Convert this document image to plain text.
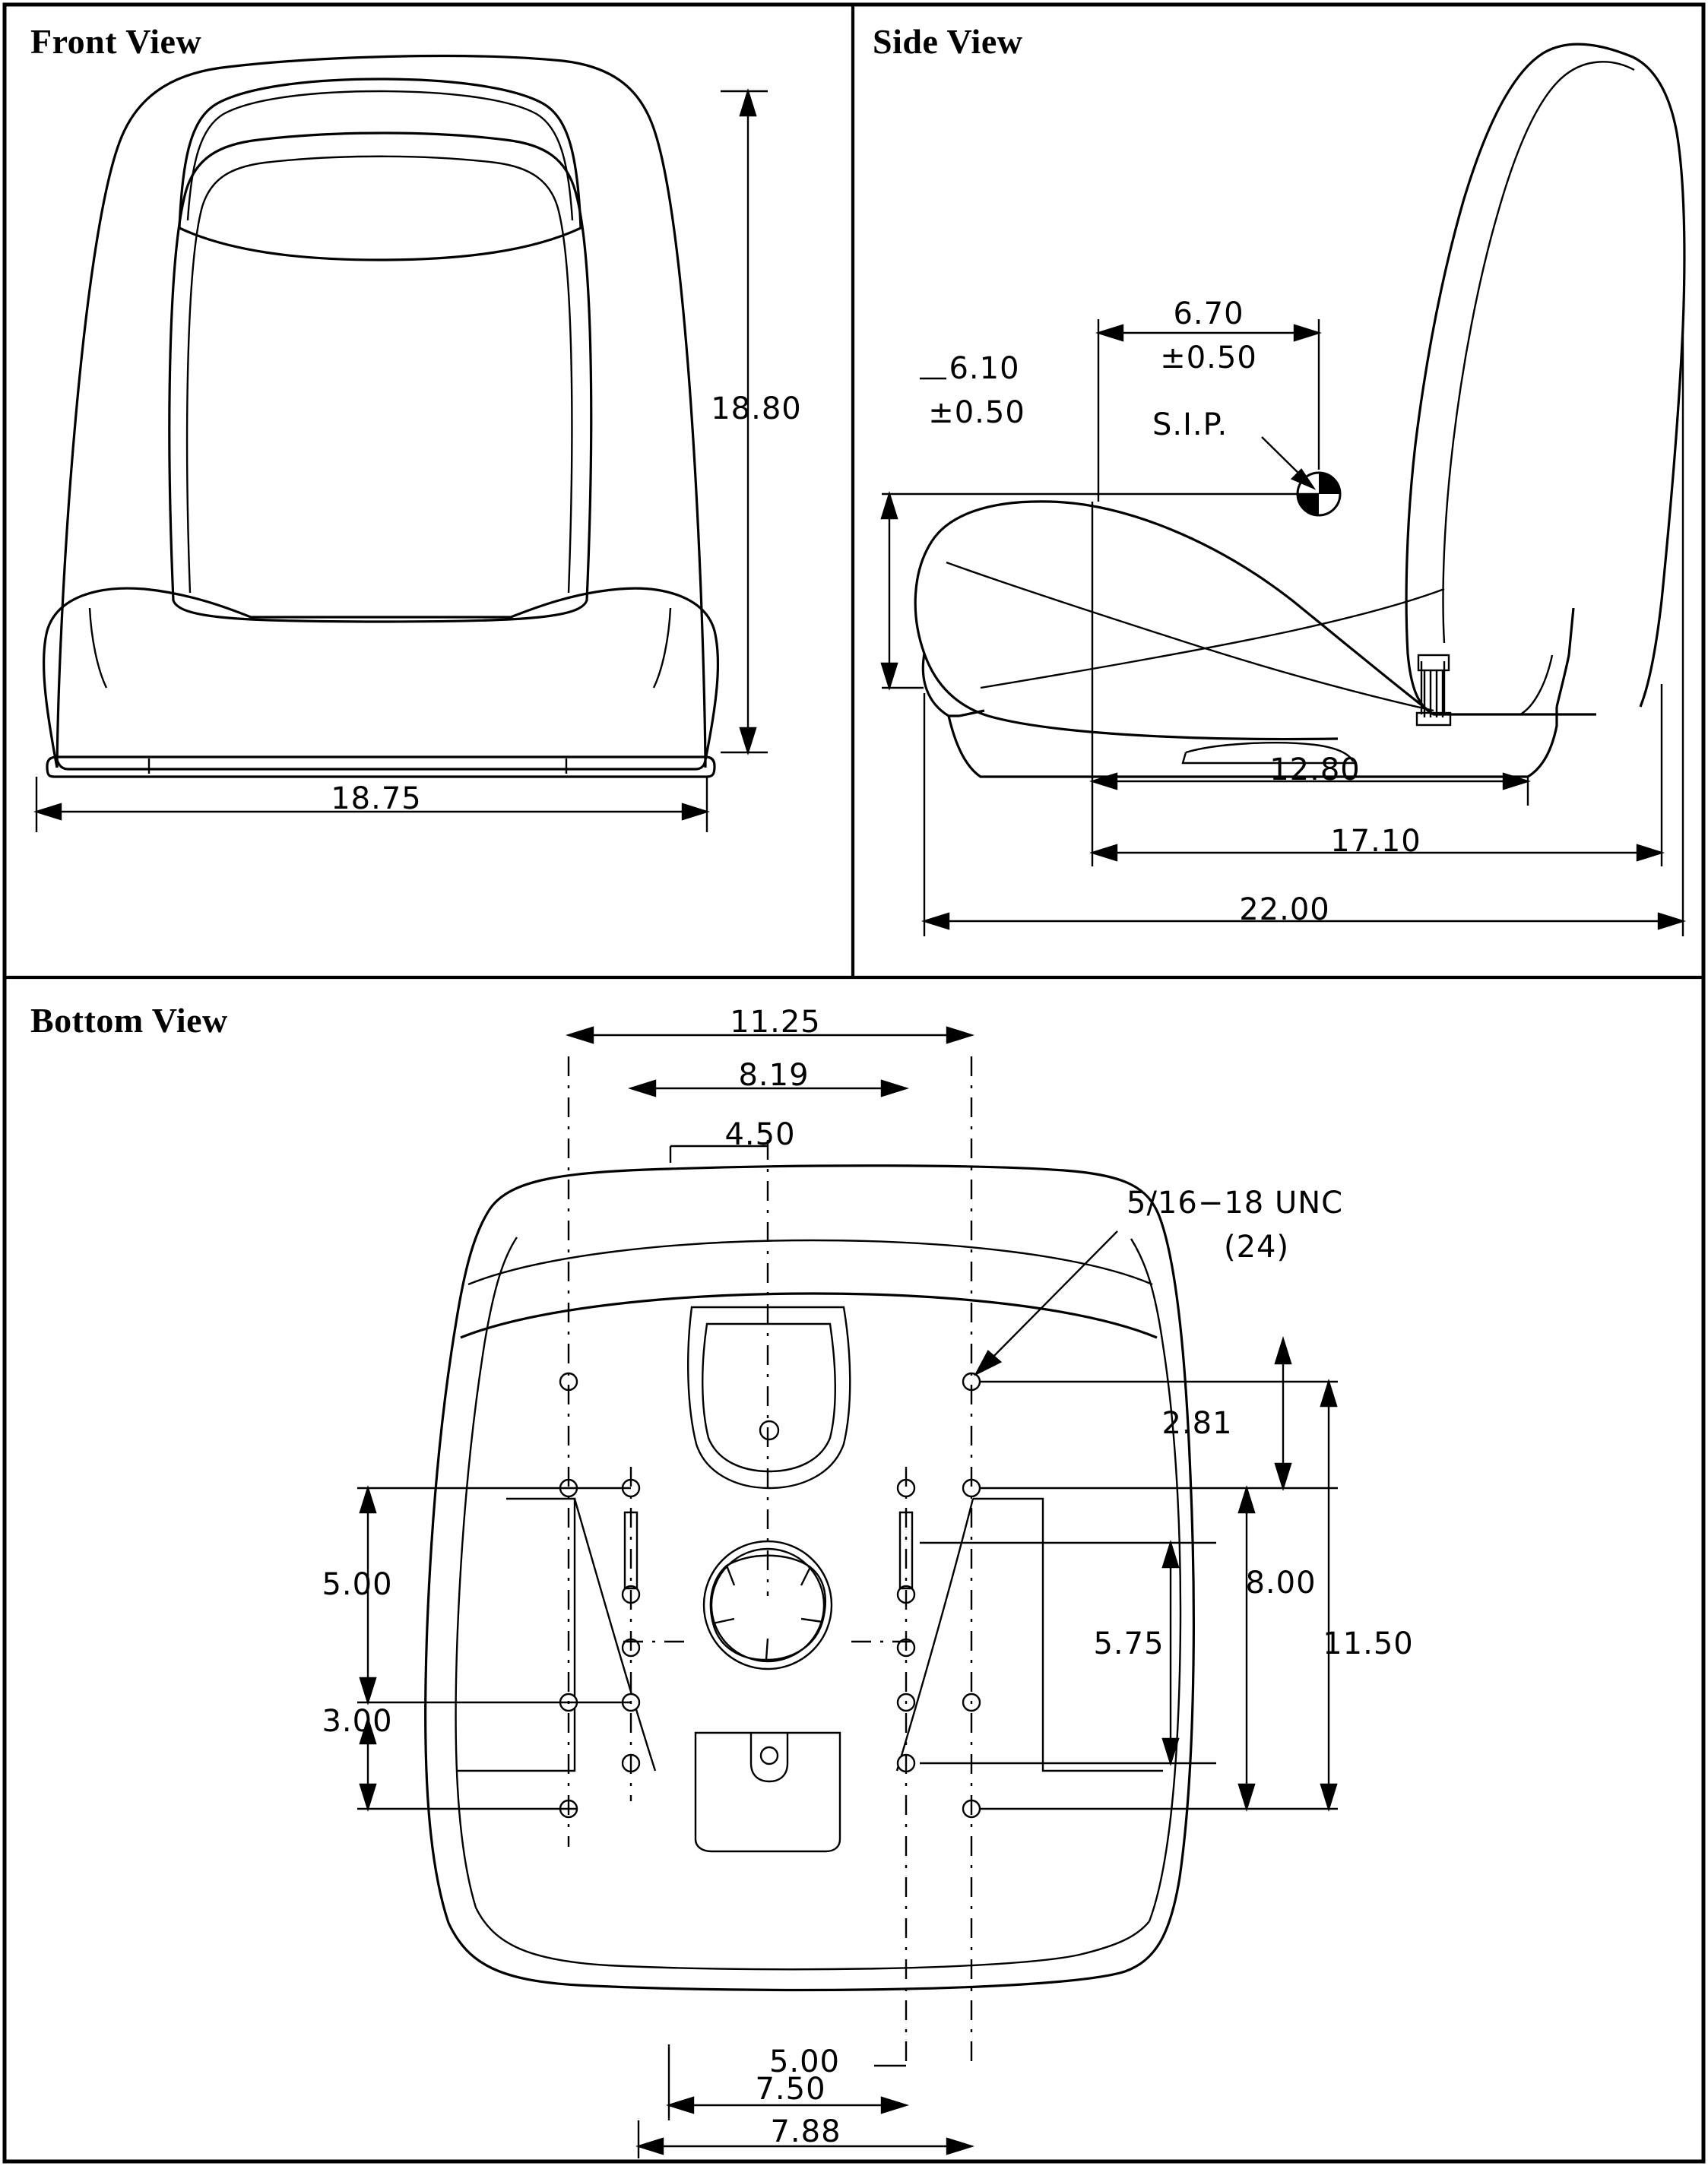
Front View	Side View
Bottom View
18.80
18.75
6.70
±0.50
6.10
±0.50	S.I.P.
12.80
17.10
22.00
11.25
8.19
4.50
2.81
8.00
5.75	11.50
5.00
3.00
5.00
7.50
7.88
5/16−18 UNC
(24)
